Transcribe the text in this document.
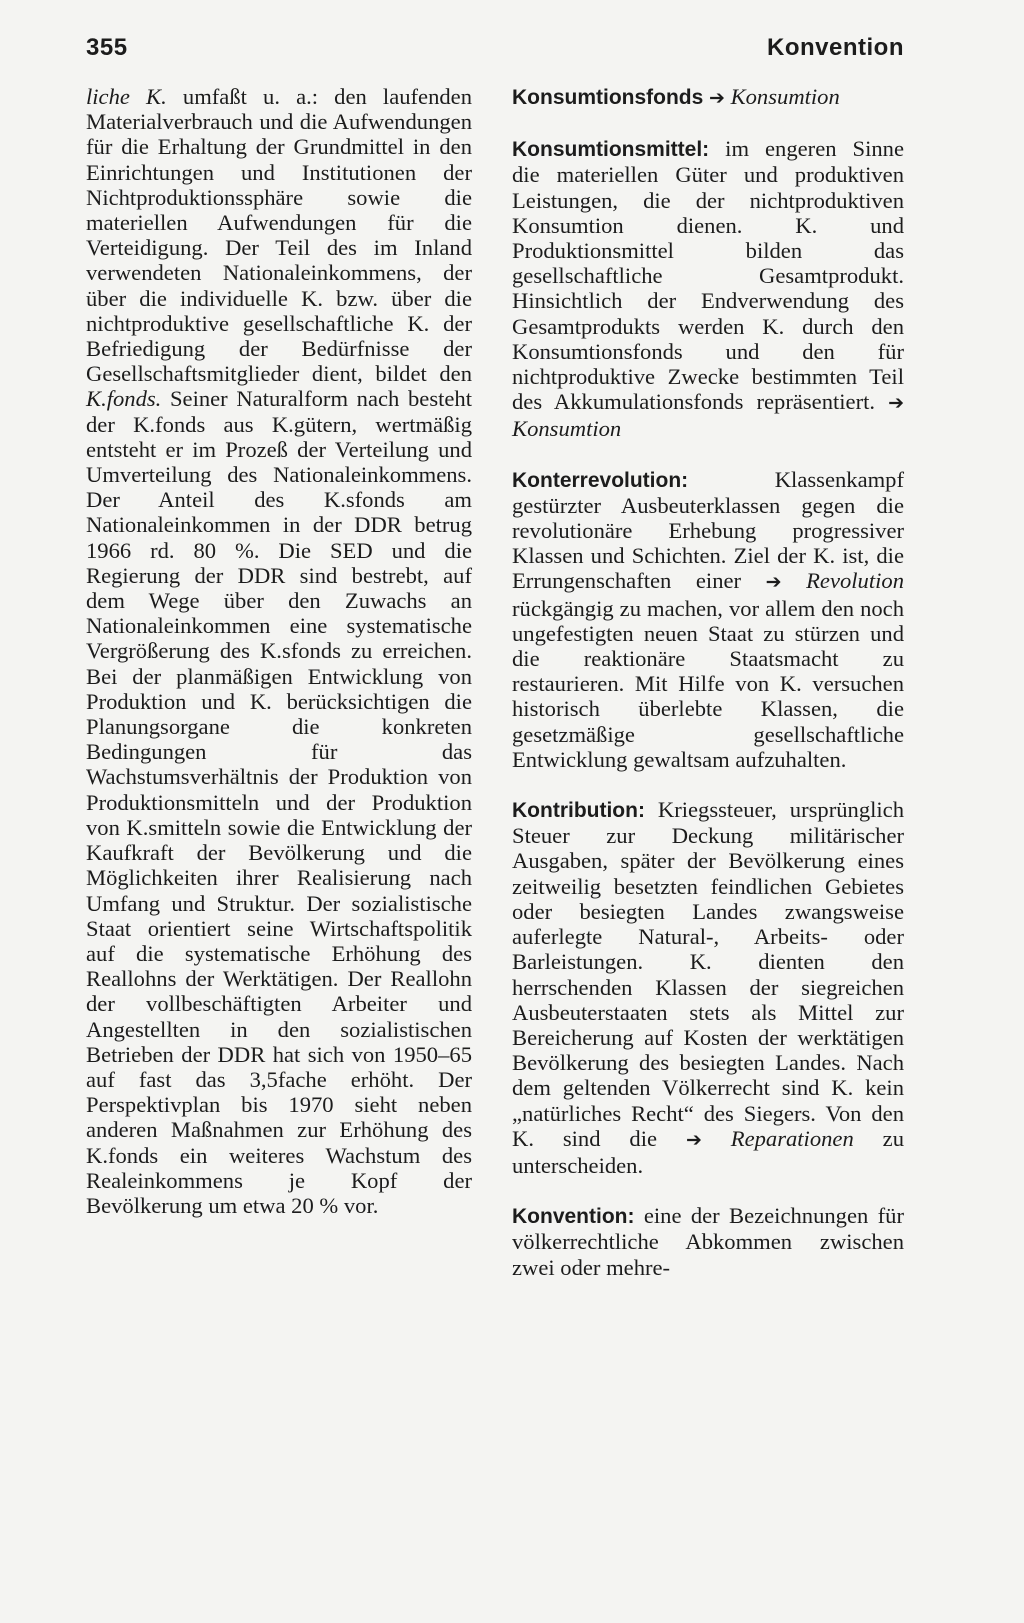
355	Konvention

liche K. umfaßt u. a.: den laufenden Materialverbrauch und die Aufwendungen für die Erhaltung der Grundmittel in den Einrichtungen und Institutionen der Nichtproduktionssphäre sowie die materiellen Aufwendungen für die Verteidigung. Der Teil des im Inland verwendeten Nationaleinkommens, der über die individuelle K. bzw. über die nichtproduktive gesellschaftliche K. der Befriedigung der Bedürfnisse der Gesellschaftsmitglieder dient, bildet den K.fonds. Seiner Naturalform nach besteht der K.fonds aus K.gütern, wertmäßig entsteht er im Prozeß der Verteilung und Umverteilung des Nationaleinkommens. Der Anteil des K.sfonds am Nationaleinkommen in der DDR betrug 1966 rd. 80 %. Die SED und die Regierung der DDR sind bestrebt, auf dem Wege über den Zuwachs an Nationaleinkommen eine systematische Vergrößerung des K.sfonds zu erreichen. Bei der planmäßigen Entwicklung von Produktion und K. berücksichtigen die Planungsorgane die konkreten Bedingungen für das Wachstumsverhältnis der Produktion von Produktionsmitteln und der Produktion von K.smitteln sowie die Entwicklung der Kaufkraft der Bevölkerung und die Möglichkeiten ihrer Realisierung nach Umfang und Struktur. Der sozialistische Staat orientiert seine Wirtschaftspolitik auf die systematische Erhöhung des Reallohns der Werktätigen. Der Reallohn der vollbeschäftigten Arbeiter und Angestellten in den sozialistischen Betrieben der DDR hat sich von 1950–65 auf fast das 3,5fache erhöht. Der Perspektivplan bis 1970 sieht neben anderen Maßnahmen zur Erhöhung des K.fonds ein weiteres Wachstum des Realeinkommens je Kopf der Bevölkerung um etwa 20 % vor.

Konsumtionsfonds ➔ Konsumtion

Konsumtionsmittel: im engeren Sinne die materiellen Güter und produktiven Leistungen, die der nichtproduktiven Konsumtion dienen. K. und Produktionsmittel bilden das gesellschaftliche Gesamtprodukt. Hinsichtlich der Endverwendung des Gesamtprodukts werden K. durch den Konsumtionsfonds und den für nichtproduktive Zwecke bestimmten Teil des Akkumulationsfonds repräsentiert. ➔ Konsumtion

Konterrevolution: Klassenkampf gestürzter Ausbeuterklassen gegen die revolutionäre Erhebung progressiver Klassen und Schichten. Ziel der K. ist, die Errungenschaften einer ➔ Revolution rückgängig zu machen, vor allem den noch ungefestigten neuen Staat zu stürzen und die reaktionäre Staatsmacht zu restaurieren. Mit Hilfe von K. versuchen historisch überlebte Klassen, die gesetzmäßige gesellschaftliche Entwicklung gewaltsam aufzuhalten.

Kontribution: Kriegssteuer, ursprünglich Steuer zur Deckung militärischer Ausgaben, später der Bevölkerung eines zeitweilig besetzten feindlichen Gebietes oder besiegten Landes zwangsweise auferlegte Natural-, Arbeits- oder Barleistungen. K. dienten den herrschenden Klassen der siegreichen Ausbeuterstaaten stets als Mittel zur Bereicherung auf Kosten der werktätigen Bevölkerung des besiegten Landes. Nach dem geltenden Völkerrecht sind K. kein „natürliches Recht“ des Siegers. Von den K. sind die ➔ Reparationen zu unterscheiden.

Konvention: eine der Bezeichnungen für völkerrechtliche Abkommen zwischen zwei oder mehre-
